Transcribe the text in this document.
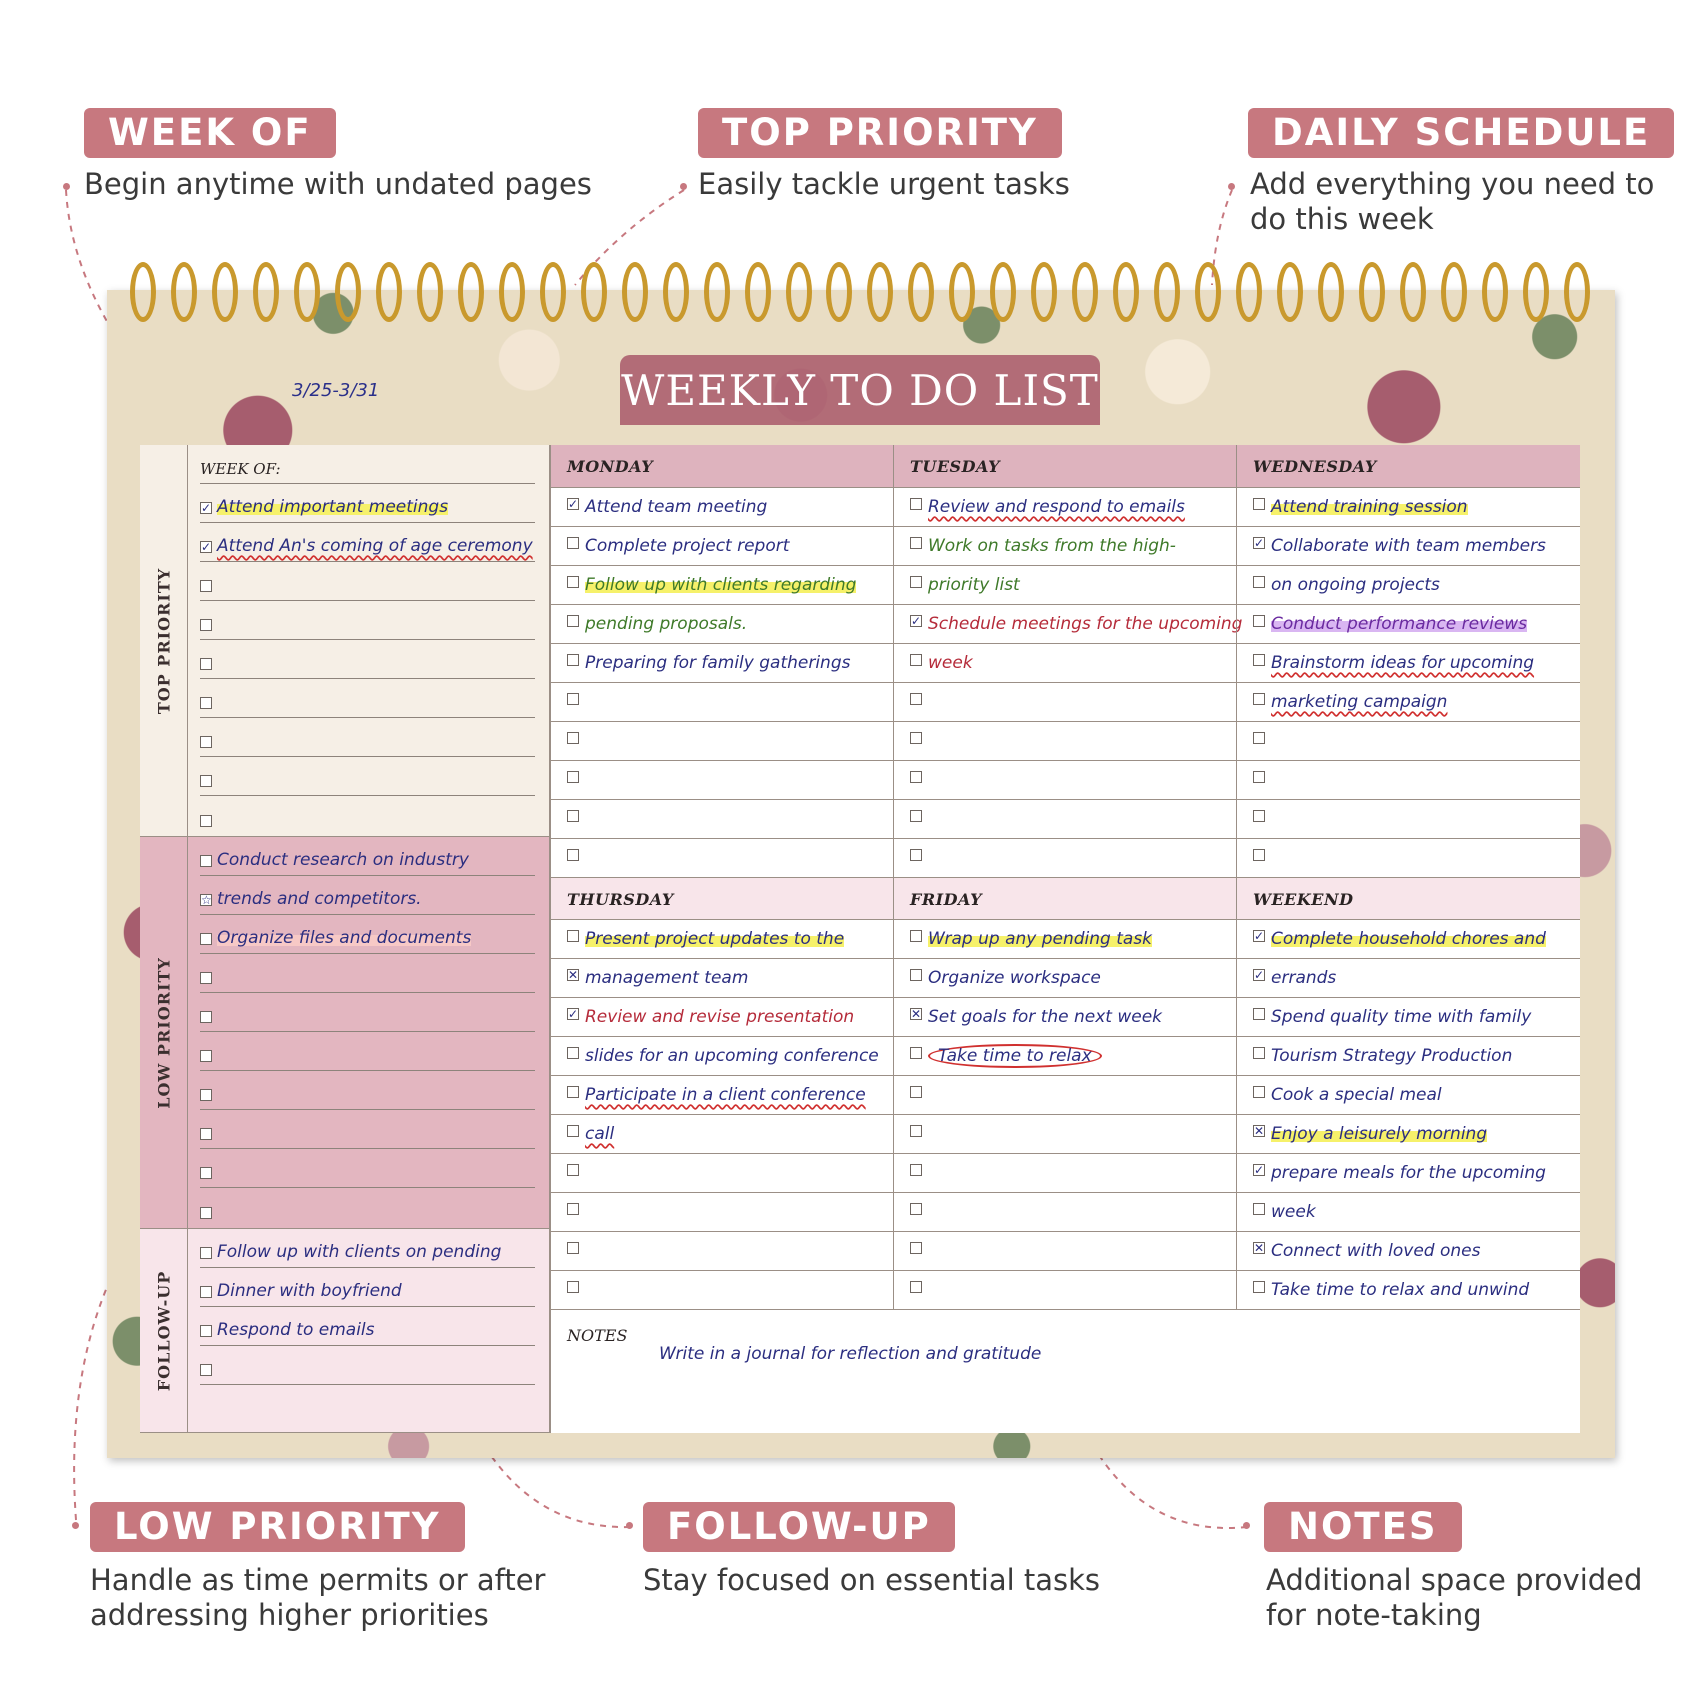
WEEK OF
Begin anytime with undated pages
TOP PRIORITY
Easily tackle urgent tasks
DAILY SCHEDULE
Add everything you need to
do this week
LOW PRIORITY
Handle as time permits or after
addressing higher priorities
FOLLOW-UP
Stay focused on essential tasks
NOTES
Additional space provided
for note-taking
WEEKLY TO DO LIST
3/25-3/31
TOP PRIORITY
LOW PRIORITY
FOLLOW-UP
WEEK OF:
✓ Attend important meetings
✓ Attend An's coming of age ceremony
Conduct research on industry
☆ trends and competitors.
Organize files and documents
Follow up with clients on pending
Dinner with boyfriend
Respond to emails
MONDAY
✓ Attend team meeting
Complete project report
Follow up with clients regarding
pending proposals.
Preparing for family gatherings
TUESDAY
Review and respond to emails
Work on tasks from the high-
priority list
✓ Schedule meetings for the upcoming
week
WEDNESDAY
Attend training session
✓ Collaborate with team members
on ongoing projects
Conduct performance reviews
Brainstorm ideas for upcoming
marketing campaign
THURSDAY
Present project updates to the
✕ management team
✓ Review and revise presentation
slides for an upcoming conference
Participate in a client conference
call
FRIDAY
Wrap up any pending task
Organize workspace
✕ Set goals for the next week
Take time to relax
WEEKEND
✓ Complete household chores and
✓ errands
Spend quality time with family
Tourism Strategy Production
Cook a special meal
✕ Enjoy a leisurely morning
✓ prepare meals for the upcoming
week
✕ Connect with loved ones
Take time to relax and unwind
NOTES
Write in a journal for reflection and gratitude
